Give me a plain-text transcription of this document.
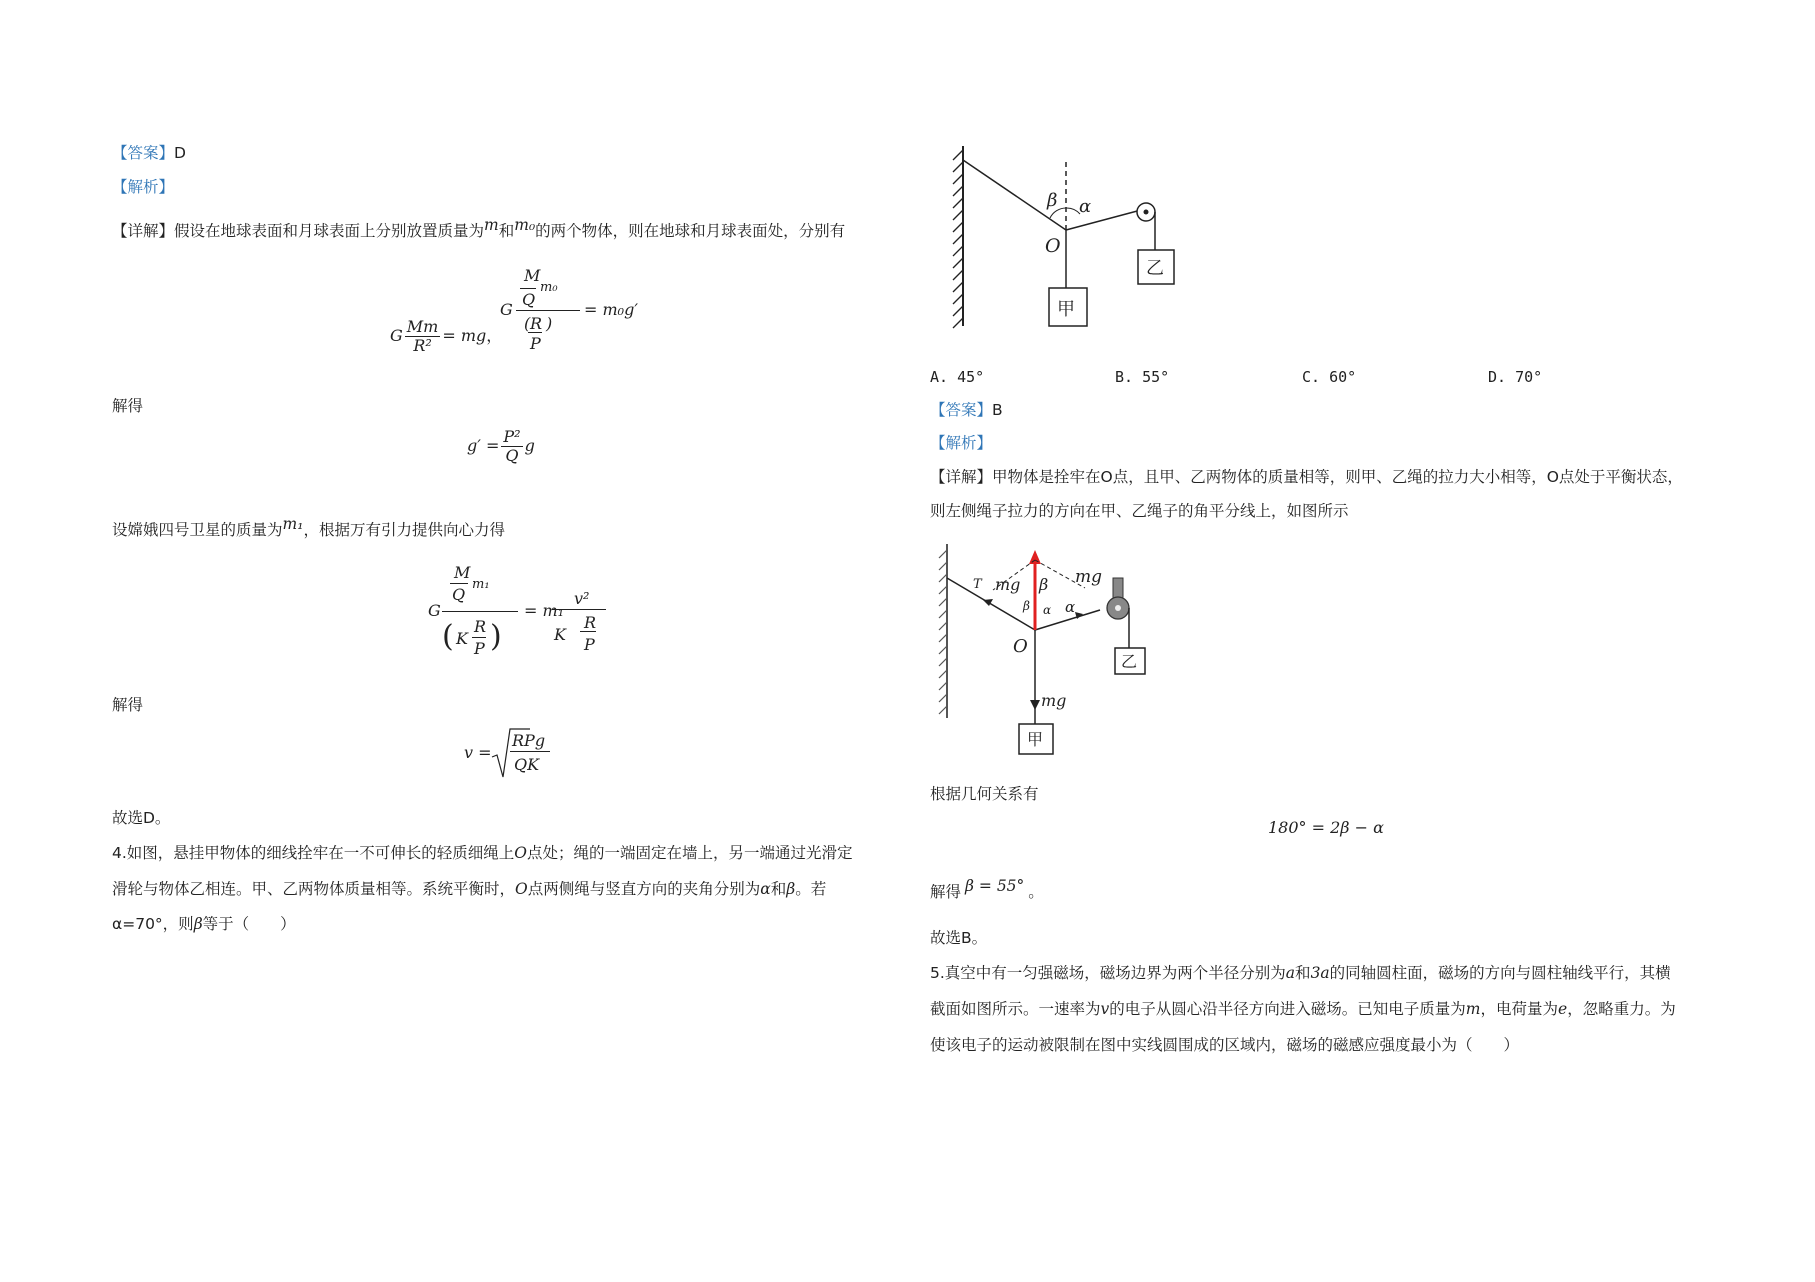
【答案】D
【解析】
【详解】假设在地球表面和月球表面上分别放置质量为m和m₀的两个物体，则在地球和月球表面处，分别有
G $\frac{Mm}{\text{R²}}$ = mg，
M
Q
m₀
G
( R
P
)
= m₀g′
解得
$g' = \frac{\text{P²}}{Q}$ g
设嫦娥四号卫星的质量为m₁，根据万有引力提供向心力得
M
Q
m₁
G
( K
R
P )
= m₁
v²
K
R
P
解得
v =
RPg
QK
故选D。
4.如图，悬挂甲物体的细线拴牢在一不可伸长的轻质细绳上O点处；绳的一端固定在墙上，另一端通过光滑定
滑轮与物体乙相连。甲、乙两物体质量相等。系统平衡时，O点两侧绳与竖直方向的夹角分别为α和β。若
α=70°，则β等于（　　）
β α
O
乙
甲
A. 45°	B. 55°	C. 60°	D. 70°
【答案】B
【解析】
【详解】甲物体是拴牢在O点，且甲、乙两物体的质量相等，则甲、乙绳的拉力大小相等，O点处于平衡状态，
则左侧绳子拉力的方向在甲、乙绳子的角平分线上，如图所示
T mg β mg
β α α
O
mg
乙
甲
根据几何关系有
180° = 2β − α
解得 β = 55° 。
故选B。
5.真空中有一匀强磁场，磁场边界为两个半径分别为a和3a的同轴圆柱面，磁场的方向与圆柱轴线平行，其横
截面如图所示。一速率为v的电子从圆心沿半径方向进入磁场。已知电子质量为m，电荷量为e，忽略重力。为
使该电子的运动被限制在图中实线圆围成的区域内，磁场的磁感应强度最小为（　　）
